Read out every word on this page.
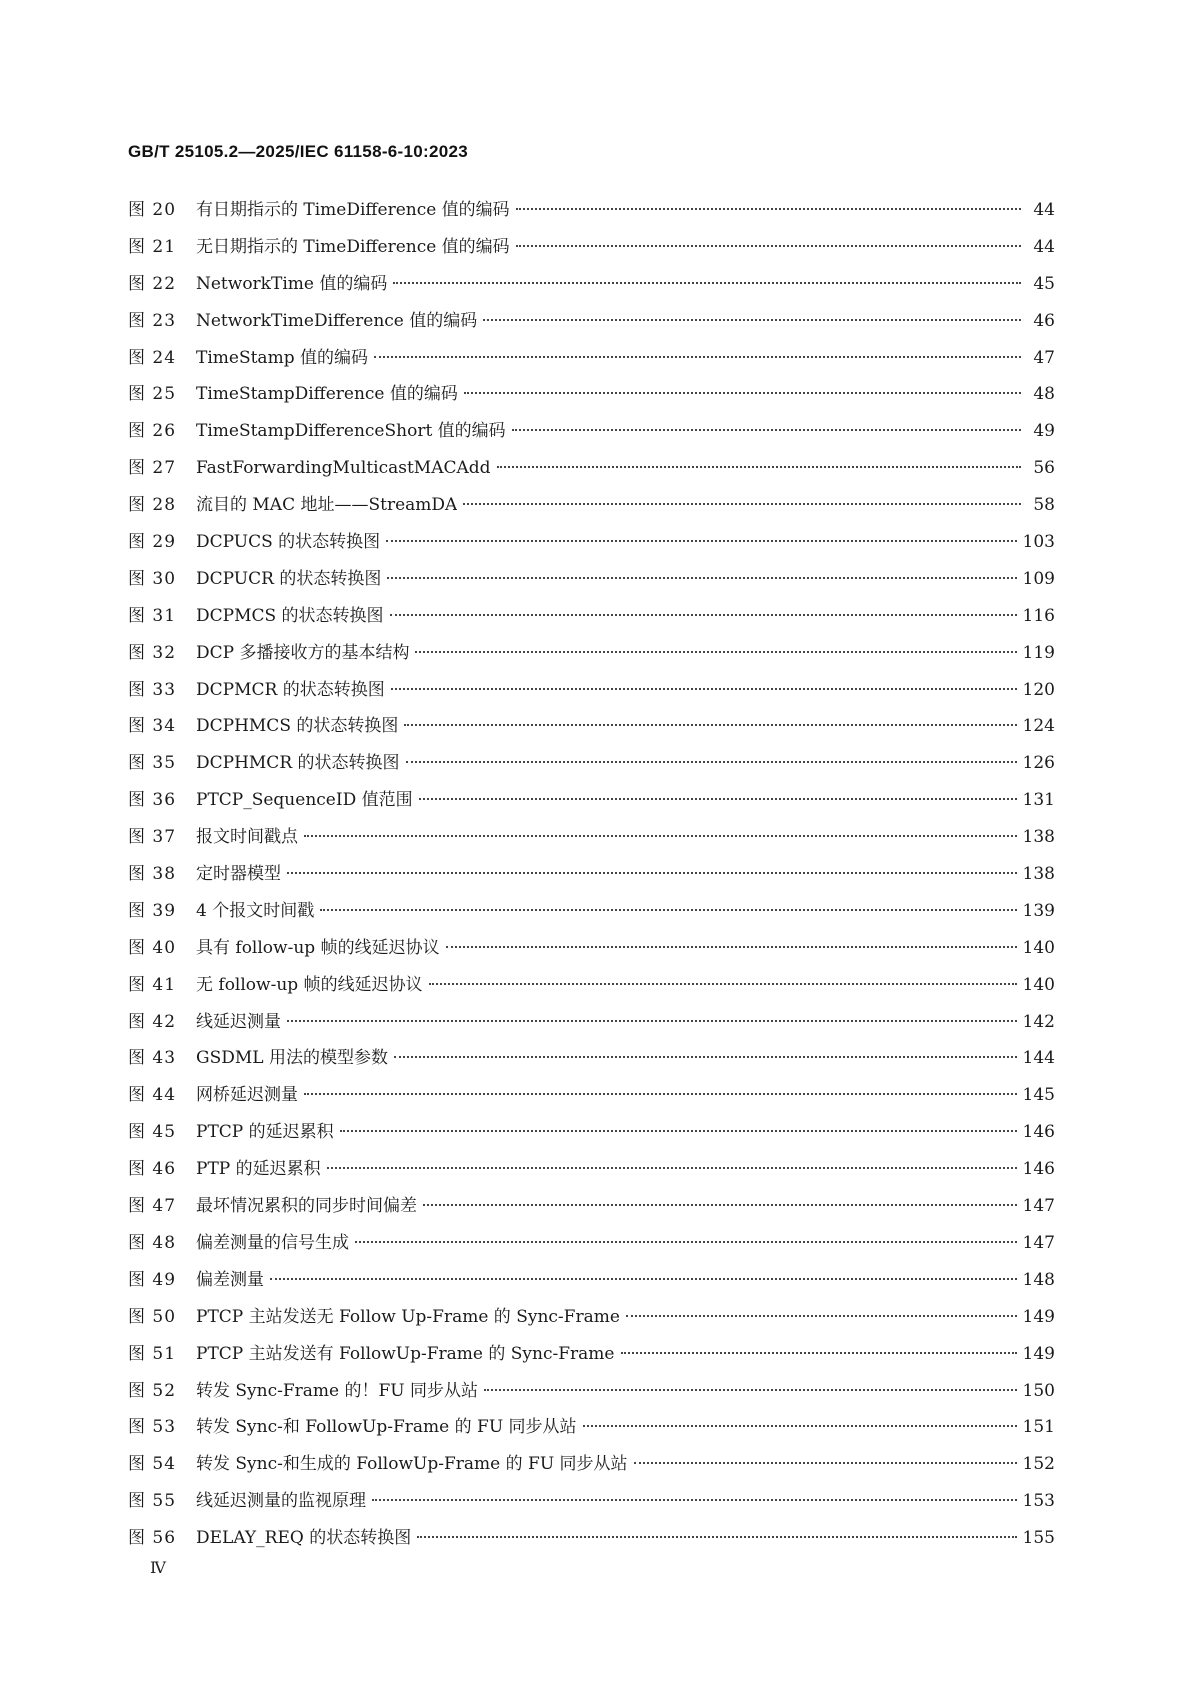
GB/T 25105.2—2025/IEC 61158-6-10:2023
图 20	有日期指示的 TimeDifference 值的编码	44
图 21	无日期指示的 TimeDifference 值的编码	44
图 22	NetworkTime 值的编码	45
图 23	NetworkTimeDifference 值的编码	46
图 24	TimeStamp 值的编码	47
图 25	TimeStampDifference 值的编码	48
图 26	TimeStampDifferenceShort 值的编码	49
图 27	FastForwardingMulticastMACAdd	56
图 28	流目的 MAC 地址——StreamDA	58
图 29	DCPUCS 的状态转换图	103
图 30	DCPUCR 的状态转换图	109
图 31	DCPMCS 的状态转换图	116
图 32	DCP 多播接收方的基本结构	119
图 33	DCPMCR 的状态转换图	120
图 34	DCPHMCS 的状态转换图	124
图 35	DCPHMCR 的状态转换图	126
图 36	PTCP_SequenceID 值范围	131
图 37	报文时间戳点	138
图 38	定时器模型	138
图 39	4 个报文时间戳	139
图 40	具有 follow-up 帧的线延迟协议	140
图 41	无 follow-up 帧的线延迟协议	140
图 42	线延迟测量	142
图 43	GSDML 用法的模型参数	144
图 44	网桥延迟测量	145
图 45	PTCP 的延迟累积	146
图 46	PTP 的延迟累积	146
图 47	最坏情况累积的同步时间偏差	147
图 48	偏差测量的信号生成	147
图 49	偏差测量	148
图 50	PTCP 主站发送无 Follow Up-Frame 的 Sync-Frame	149
图 51	PTCP 主站发送有 FollowUp-Frame 的 Sync-Frame	149
图 52	转发 Sync-Frame 的！FU 同步从站	150
图 53	转发 Sync-和 FollowUp-Frame 的 FU 同步从站	151
图 54	转发 Sync-和生成的 FollowUp-Frame 的 FU 同步从站	152
图 55	线延迟测量的监视原理	153
图 56	DELAY_REQ 的状态转换图	155
Ⅳ
